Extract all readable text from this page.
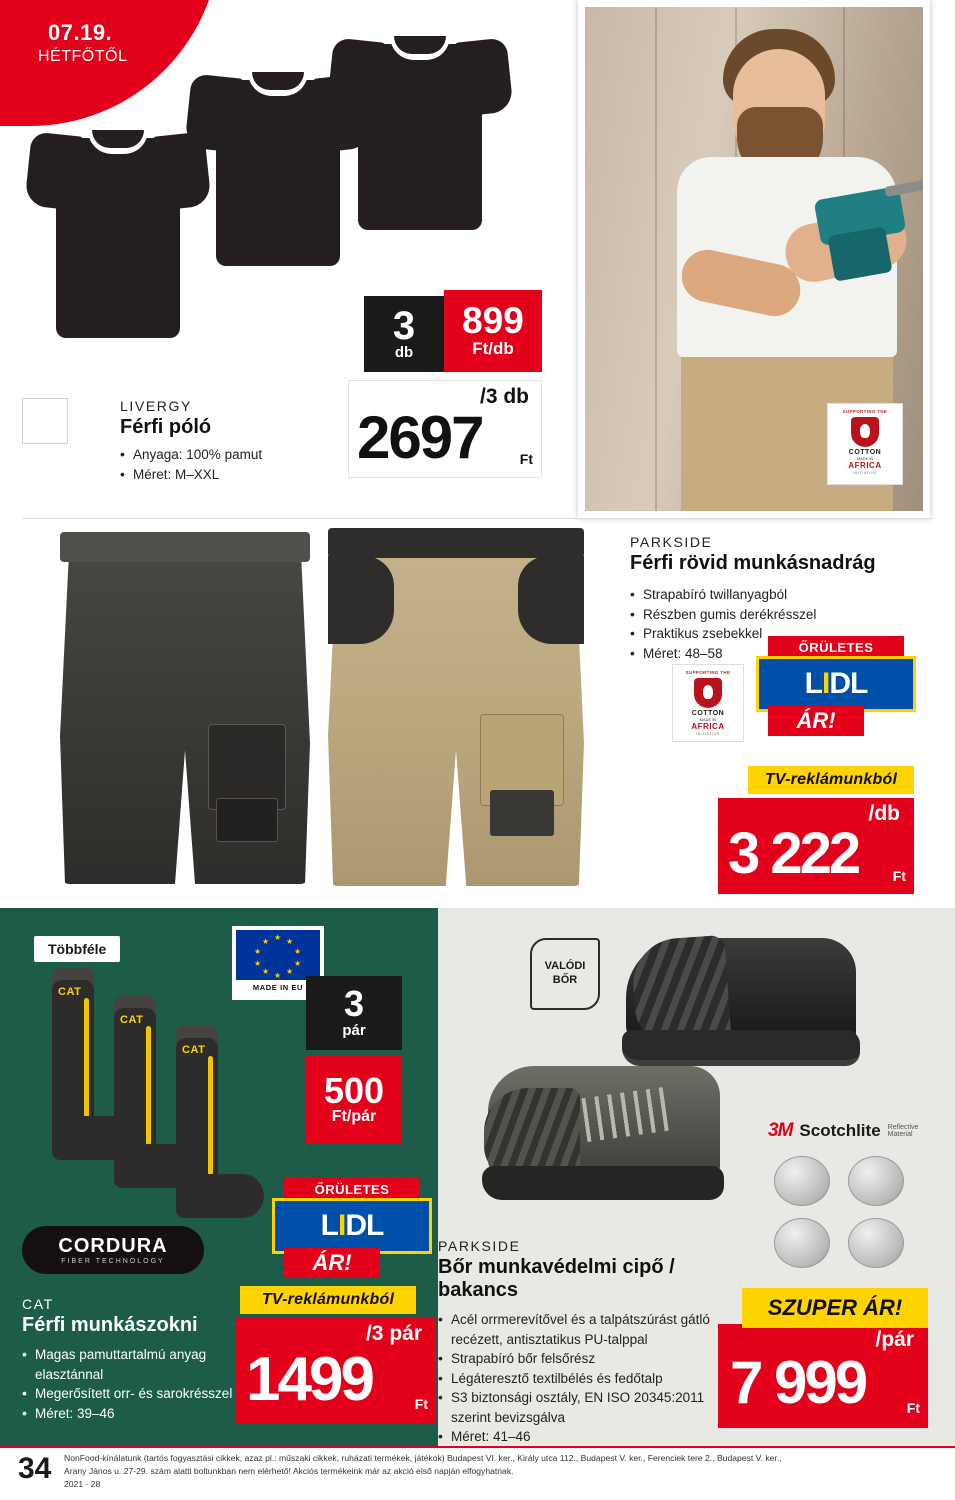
07.19.
HÉTFŐTŐL
SUPPORTING THE
COTTON
MADE IN
AFRICA
INITIATIVE
3
db
899
Ft/db
/3 db
2697	Ft
LIVERGY
Férfi póló
• Anyaga: 100% pamut
• Méret: M–XXL
PARKSIDE
Férfi rövid munkásnadrág
• Strapabíró twillanyagból
• Részben gumis derékrésszel
• Praktikus zsebekkel
• Méret: 48–58
SUPPORTING THE
COTTON
MADE IN
AFRICA
INITIATIVE
ŐRÜLETES
LIDL
ÁR!
TV-reklámunkból
/db
3 222 Ft
Többféle
★
★ ★
★	★
★	★
★ ★
★
MADE IN EU
CAT
CAT
CAT
CORDURA
FIBER TECHNOLOGY
3
pár
500
Ft/pár
CAT
Férfi munkászokni
• Magas pamuttartalmú anyag elasztánnal
• Megerősített orr- és sarokrésszel
• Méret: 39–46
ŐRÜLETES
LIDL
ÁR!
TV-reklámunkból
/3 pár
1499	Ft
VALÓDI BŐR
3M Scotchlite Reflective Material
PARKSIDE
Bőr munkavédelmi cipő / bakancs
• Acél orrmerevítővel és a talpátszúrást gátló recézett, antisztatikus PU-talppal
• Strapabíró bőr felsőrész
• Légáteresztő textilbélés és fedőtalp
• S3 biztonsági osztály, EN ISO 20345:2011 szerint bevizsgálva
• Méret: 41–46
SZUPER ÁR!
/pár
7 999	Ft
34 NonFood-kínálatunk (tartós fogyasztási cikkek, azaz pl.: műszaki cikkek, ruházati termékek, játékok) Budapest VI. ker., Király utca 112., Budapest V. ker., Ferenciek tere 2., Budapest V. ker.,
Arany János u. 27-29. szám alatti boltunkban nem elérhető! Akciós termékeink már az akció első napján elfogyhatnak.
2021 · 28
